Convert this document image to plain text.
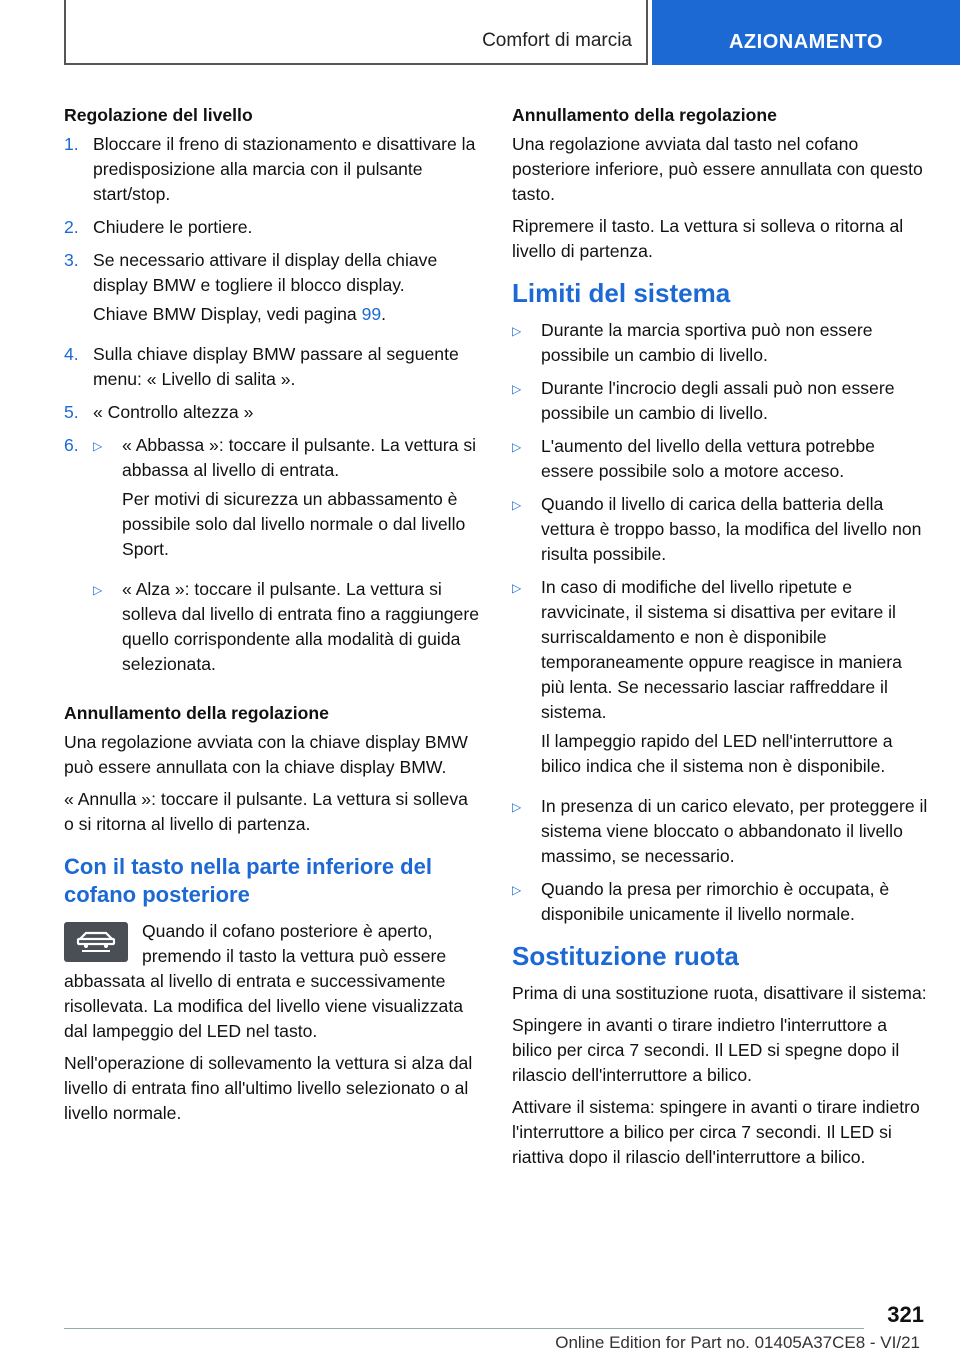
Comfort di marcia	AZIONAMENTO
Regolazione del livello
1. Bloccare il freno di stazionamento e disattivare la predisposizione alla marcia con il pulsante start/stop.
2. Chiudere le portiere.
3. Se necessario attivare il display della chiave display BMW e togliere il blocco display.
Chiave BMW Display, vedi pagina 99.
4. Sulla chiave display BMW passare al seguente menu: « Livello di salita ».
5. « Controllo altezza »
6.	▷	« Abbassa »: toccare il pulsante. La vettura si abbassa al livello di entrata.
Per motivi di sicurezza un abbassamento è possibile solo dal livello normale o dal livello Sport.
▷	« Alza »: toccare il pulsante. La vettura si solleva dal livello di entrata fino a raggiungere quello corrispondente alla modalità di guida selezionata.
Annullamento della regolazione
Una regolazione avviata con la chiave display BMW può essere annullata con la chiave display BMW.
« Annulla »: toccare il pulsante. La vettura si solleva o si ritorna al livello di partenza.
Con il tasto nella parte inferiore del cofano posteriore
Quando il cofano posteriore è aperto, premendo il tasto la vettura può essere abbassata al livello di entrata e successivamente risollevata. La modifica del livello viene visualizzata dal lampeggio del LED nel tasto.
Nell'operazione di sollevamento la vettura si alza dal livello di entrata fino all'ultimo livello selezionato o al livello normale.
Annullamento della regolazione
Una regolazione avviata dal tasto nel cofano posteriore inferiore, può essere annullata con questo tasto.
Ripremere il tasto. La vettura si solleva o ritorna al livello di partenza.
Limiti del sistema
▷	Durante la marcia sportiva può non essere possibile un cambio di livello.
▷	Durante l'incrocio degli assali può non essere possibile un cambio di livello.
▷	L'aumento del livello della vettura potrebbe essere possibile solo a motore acceso.
▷	Quando il livello di carica della batteria della vettura è troppo basso, la modifica del livello non risulta possibile.
▷	In caso di modifiche del livello ripetute e ravvicinate, il sistema si disattiva per evitare il surriscaldamento e non è disponibile temporaneamente oppure reagisce in maniera più lenta. Se necessario lasciar raffreddare il sistema.
Il lampeggio rapido del LED nell'interruttore a bilico indica che il sistema non è disponibile.
▷	In presenza di un carico elevato, per proteggere il sistema viene bloccato o abbandonato il livello massimo, se necessario.
▷	Quando la presa per rimorchio è occupata, è disponibile unicamente il livello normale.
Sostituzione ruota
Prima di una sostituzione ruota, disattivare il sistema:
Spingere in avanti o tirare indietro l'interruttore a bilico per circa 7 secondi. Il LED si spegne dopo il rilascio dell'interruttore a bilico.
Attivare il sistema: spingere in avanti o tirare indietro l'interruttore a bilico per circa 7 secondi. Il LED si riattiva dopo il rilascio dell'interruttore a bilico.
321
Online Edition for Part no. 01405A37CE8 - VI/21
